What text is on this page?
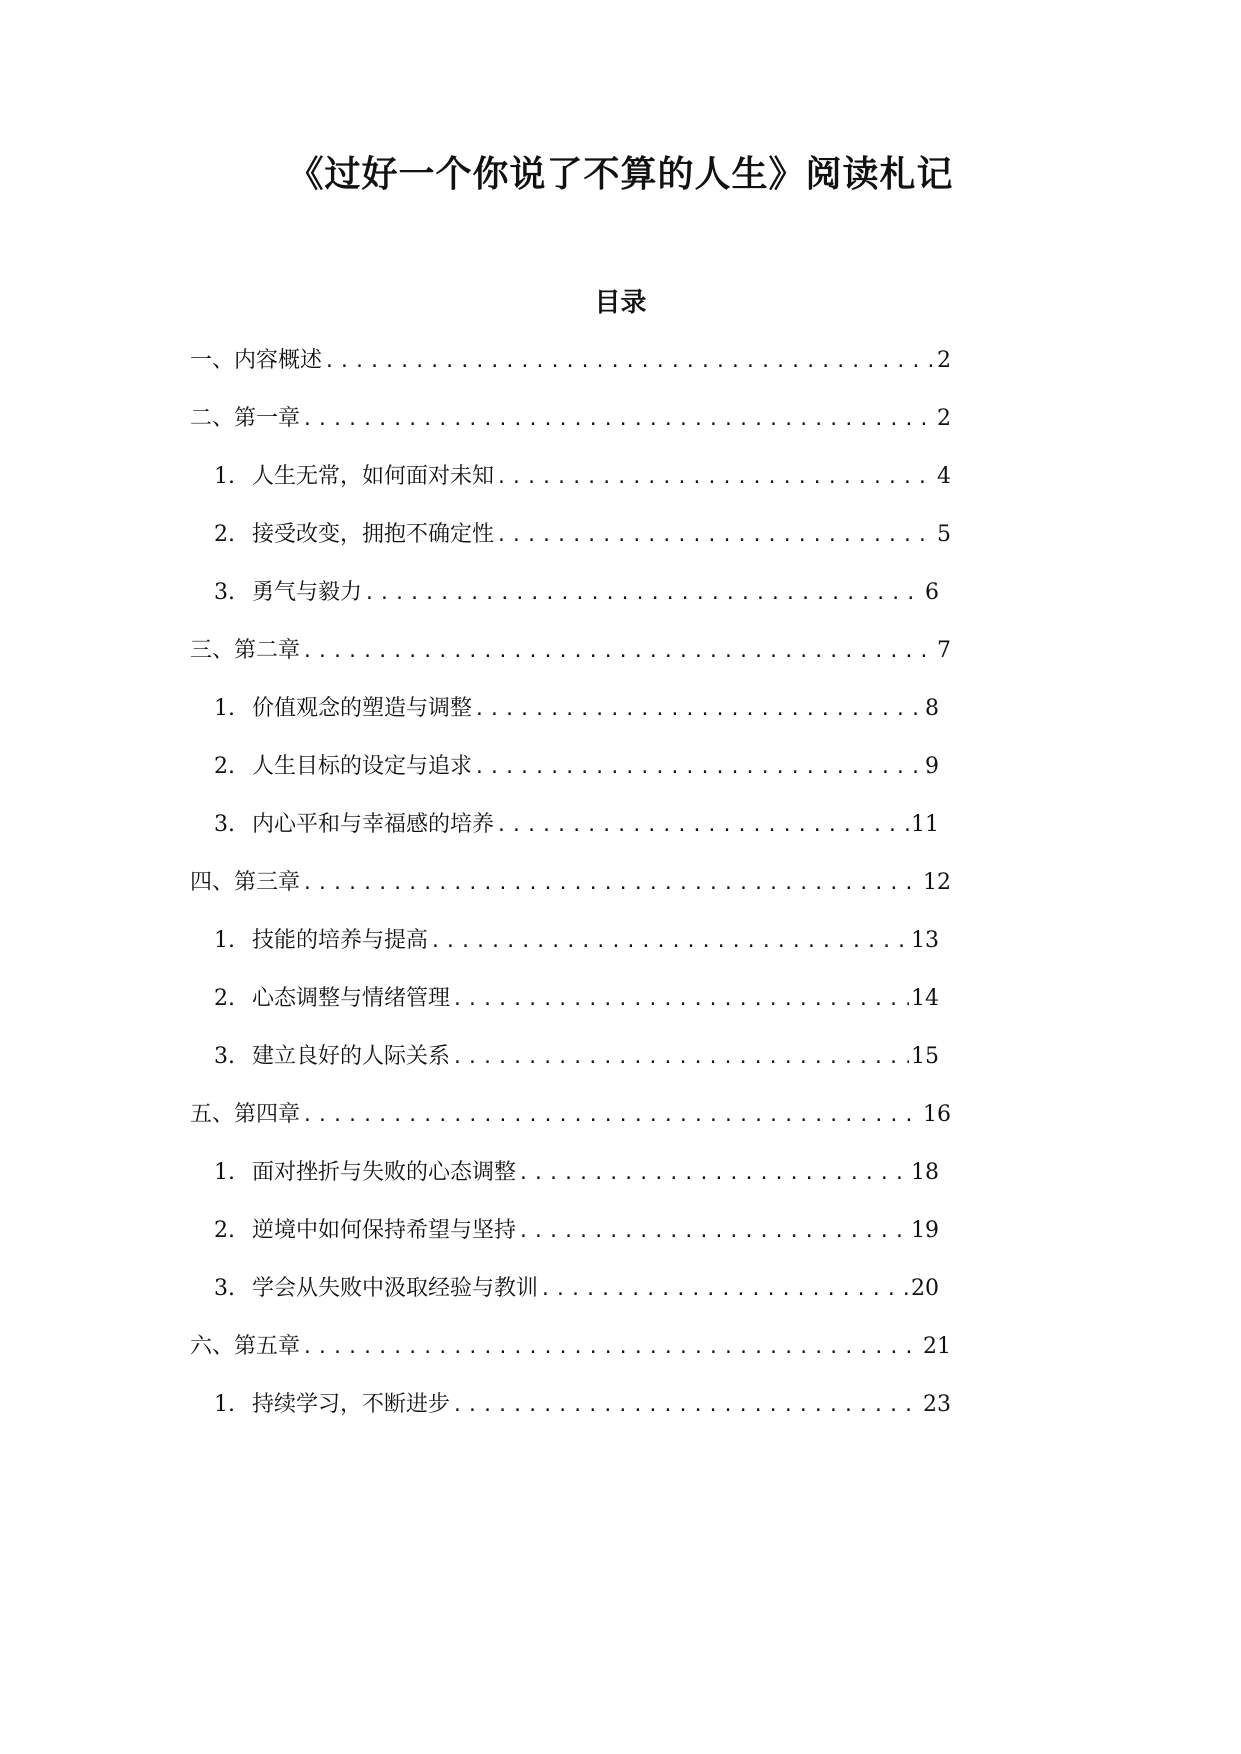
《过好一个你说了不算的人生》阅读札记
目录
一、内容概述 .....	2
二、第一章 .....	2
1. 人生无常，如何面对未知 .....	4
2. 接受改变，拥抱不确定性 .....	5
3. 勇气与毅力 .....	6
三、第二章 .....	7
1. 价值观念的塑造与调整 .....	8
2. 人生目标的设定与追求 .....	9
3. 内心平和与幸福感的培养 .....	11
四、第三章 .....	12
1. 技能的培养与提高 .....	13
2. 心态调整与情绪管理 .....	14
3. 建立良好的人际关系 .....	15
五、第四章 .....	16
1. 面对挫折与失败的心态调整 .....	18
2. 逆境中如何保持希望与坚持 .....	19
3. 学会从失败中汲取经验与教训 .....	20
六、第五章 .....	21
1. 持续学习，不断进步 .....	23
